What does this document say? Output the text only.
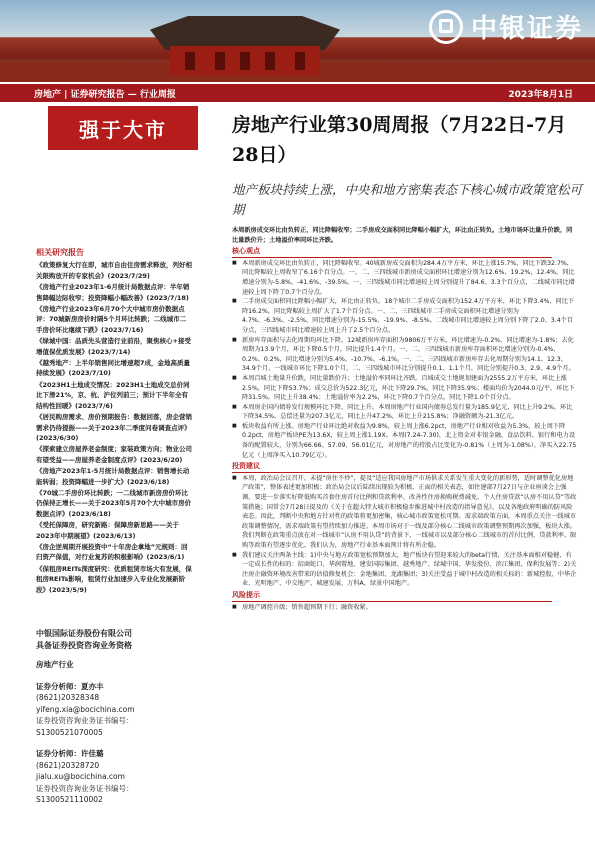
中银证券
房地产 | 证券研究报告 — 行业周报	2023年8月1日
强于大市	房地产行业第30周周报（7月22日-7月28日）
地产板块持续上涨，中央和地方密集表态下核心城市政策宽松可期
相关研究报告

《政策修复大行在即，城市自由住房需求释放，列好相关限购放开的专家机会》(2023/7/29)

《房地产行业2023年1-6月统计局数据点评：半年销售降幅边际收窄；投资降幅小幅改善》(2023/7/18)

《房地产行业2023年6月70个大中城市房价数据点评：70城新房房价时隔5个月环比转跌；二线城市二手房价环比继续下跌》(2023/7/16)

《绿城中国：品质先头营造行业前沿，聚焦核心+接受增值保优质发展》(2023/7/14)

《越秀地产：上半年销售同比增速超7成，金地高质量持续发展》(2023/7/10)

《2023H1土地成交情况：2023H1土地成交总价同比下滑21%，京、杭、沪位列前三；预计下半年全有结构性回暖》(2023/7/6)

《居民购房需求、房价预期报告：数据回落，房企营销需求仍待提振——关于2023年二季度问卷调查点评》(2023/6/30)

《探索建立房屋养老金制度；家装政策方向；物业公司有望受益——房屋养老金制度点评》(2023/6/20)

《房地产2023年1-5月统计局数据点评：销售增长动能转弱；投资降幅进一步扩大》(2023/6/18)

《70城二手房价环比转跌；一二线城市新房房价环比仍保持正增长——关于2023年5月70个大中城市房价数据点评》(2023/6/18)

《受托保障房，研究新路：保障房新思路——关于2023年中期展望》(2023/6/13)

《房企逆周期开展投资中“十年房企拿地”元规则：回归资产保值，对行业复苏的积极影响》(2023/6/1)

《保租房REITs深度研究：优质租赁市场大有发展，保租房REITs影响，租赁行业加速步入专业化发展新阶段》(2023/5/9)

中银国际证券股份有限公司
具备证券投资咨询业务资格
房地产行业
证券分析师：夏亦丰
(8621)20328348
yifeng.xia@bocichina.com
证券投资咨询业务证书编号：S1300521070005
证券分析师：许佳璐
(8621)20328720
jialu.xu@bocichina.com
证券投资咨询业务证书编号：S1300521110002

本周新房成交环比由负转正，同比降幅收窄；二手房成交面积同比降幅小幅扩大，环比由正转负。土地市场环比量升价跌，同比量跌价升；土地溢价率同环比齐跌。

核心观点

■ 本周新房成交环比由负转正，同比降幅收窄。40城新房成交面积为284.4万平方米，环比上涨15.7%，同比下跌32.7%，同比降幅较上周收窄了6.16个百分点。一、二、三四线城市新房成交面积环比增速分别为12.6%、19.2%、12.4%，同比增速分别为-5.8%、-41.6%、-39.5%。一、三四线城市同比增速较上周分别提升了84.6、3.3个百分点，二线城市同比增速较上周下降了0.7个百分点。

■ 二手房成交面积同比降幅小幅扩大，环比由正转负。18个城市二手房成交面积为152.4万平方米，环比下降3.4%，同比下降16.2%，同比降幅较上周扩大了1.7个百分点。一、二、三四线城市二手房成交面积环比增速分别为4.7%、-6.3%、-2.5%，同比增速分别为-15.5%、-19.9%、-8.5%。二线城市同比增速较上周分别下降了2.0、3.4个百分点，三四线城市同比增速较上周上升了2.5个百分点。

■ 新房库存面积与去化周期均环比下降。12城新房库存面积为9806万平方米，环比增速为-0.2%，同比增速为-1.8%；去化周期为13.9个月，环比下降0.5个月，同比提升1.4个月。一、二、三四线城市新房库存面积环比增速分别为-0.4%、0.2%、0.2%，同比增速分别为5.4%、-10.7%、-6.1%。一、二、三四线城市新房库存去化周期分别为14.1、12.3、34.9个月，一线城市环比下降1.0个月，二、三四线城市环比分别提升0.1、1.1个月，同比分别提升0.3、2.9、4.9个月。

■ 本周百城土地量升价跌，同比量跌价升；土地溢价率同环比齐跌。百城成交土地规划建面为2555.2万平方米，环比上涨2.5%，同比下降53.7%；成交总价为522.3亿元，环比下降29.7%，同比下降35.9%；楼面均价为2044.0元/平，环比下降31.5%，同比上升38.4%；土地溢价率为2.2%，环比下降0.7个百分点，同比下降1.0个百分点。

■ 本周房企国内债券发行规模环比下降，同比上升。本周房地产行业国内债券总发行量为185.9亿元，同比上升9.2%，环比下降34.5%。总偿还量为207.3亿元，同比上升47.2%，环比上升215.8%；净融资额为-21.3亿元。

■ 板块收益有所上涨。房地产行业环比绝对收益为9.8%，较上周上涨6.2pct，房地产行业相对收益为5.3%，较上周下降0.2pct，房地产板块PE为13.6X，较上周上涨1.19X。本周(7.24-7.30)，北上资金对非银金融、食品饮料、银行和电力设备的配置较大，分别为66.66、57.09、56.01亿元，对房地产的持股占比变化为-0.81%（上周为-1.08%），净买入22.75亿元（上周净买入10.79亿元）。

投资建议

■ 本周，政治局会议召开，未提“房住不炒”，提及“适应我国房地产市场供求关系发生重大变化的新形势，适时调整优化房地产政策”，整体表述更加积极；政治局会议后陆续出现较为积极、正面的相关表态，如住建部7月27日与企业座谈会上强调，要进一步落实好降低购买首套住房首付比例和贷款利率、改善性住房换购税费减免、个人住房贷款“认房不用认贷”等政策措施；国常会7月28日提及的《关于在超大特大城市积极稳步推进城中村改造的指导意见》，以及各地政府明确的防风险表态。因此，判断中央和地方针对性的政策将更加密集，核心城市政策宽松可期。需求端政策方面，本周重点关注一线城市政策调整情况，需求端政策有望持续加力推进。本周市场对于一线及部分核心二线城市政策调整预期再次加强，板块大涨。我们判断在政策重点放在对一线城市“认房不用认贷”的背景下，一线城市以及部分核心二线城市的首付比例、贷款利率、限购等政策有望逐步优化。我们认为，房地产行业基本面预计将有所企稳。

■ 我们建议关注两条主线：1)中央与地方政策宽松预期加大，地产板块有望迎来较大的beta行情，关注基本面相对稳健、有一定成长性的标的：招商蛇口、华润置地、建发国际集团、越秀地产、绿城中国、华发股份、滨江集团、保利发展等；2)关注房企融资环境改善带来的估值修复机会：金地集团、龙湖集团；3)关注受益于城中村改造的相关标的：新城控股、中华企业、光明地产、中交地产、城建发展、万科A、绿景中国地产。

风险提示

■ 房地产调控升级；销售超预期下行；融资收紧。
